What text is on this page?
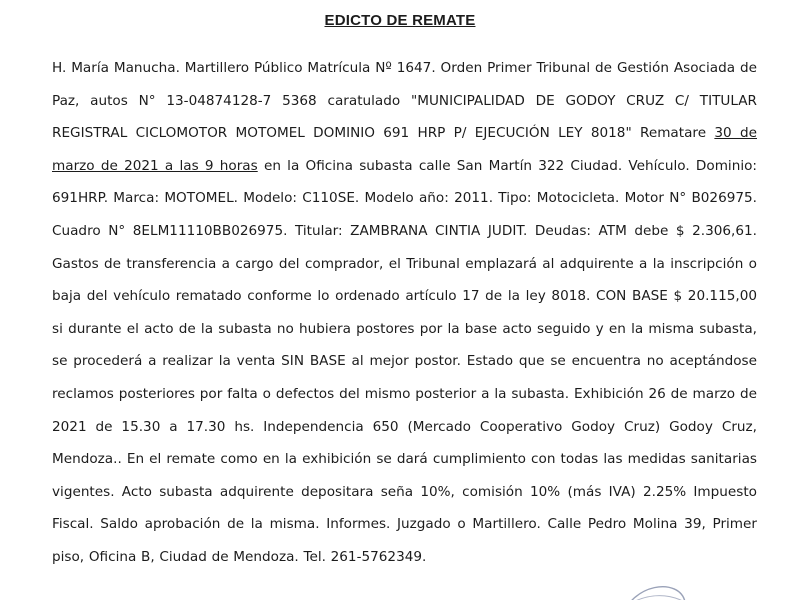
EDICTO DE REMATE
H. María Manucha. Martillero Público Matrícula Nº 1647. Orden Primer Tribunal de Gestión Asociada de Paz, autos N° 13-04874128-7 5368 caratulado "MUNICIPALIDAD DE GODOY CRUZ C/ TITULAR REGISTRAL CICLOMOTOR MOTOMEL DOMINIO 691 HRP P/ EJECUCIÓN LEY 8018" Rematare 30 de marzo de 2021 a las 9 horas en la Oficina subasta calle San Martín 322 Ciudad. Vehículo. Dominio: 691HRP. Marca: MOTOMEL. Modelo: C110SE. Modelo año: 2011. Tipo: Motocicleta. Motor N° B026975. Cuadro N° 8ELM11110BB026975. Titular: ZAMBRANA CINTIA JUDIT. Deudas: ATM debe $ 2.306,61. Gastos de transferencia a cargo del comprador, el Tribunal emplazará al adquirente a la inscripción o baja del vehículo rematado conforme lo ordenado artículo 17 de la ley 8018. CON BASE $ 20.115,00 si durante el acto de la subasta no hubiera postores por la base acto seguido y en la misma subasta, se procederá a realizar la venta SIN BASE al mejor postor. Estado que se encuentra no aceptándose reclamos posteriores por falta o defectos del mismo posterior a la subasta. Exhibición 26 de marzo de 2021 de 15.30 a 17.30 hs. Independencia 650 (Mercado Cooperativo Godoy Cruz) Godoy Cruz, Mendoza.. En el remate como en la exhibición se dará cumplimiento con todas las medidas sanitarias vigentes. Acto subasta adquirente depositara seña 10%, comisión 10% (más IVA) 2.25% Impuesto Fiscal. Saldo aprobación de la misma. Informes. Juzgado o Martillero. Calle Pedro Molina 39, Primer piso, Oficina B, Ciudad de Mendoza. Tel. 261-5762349.
